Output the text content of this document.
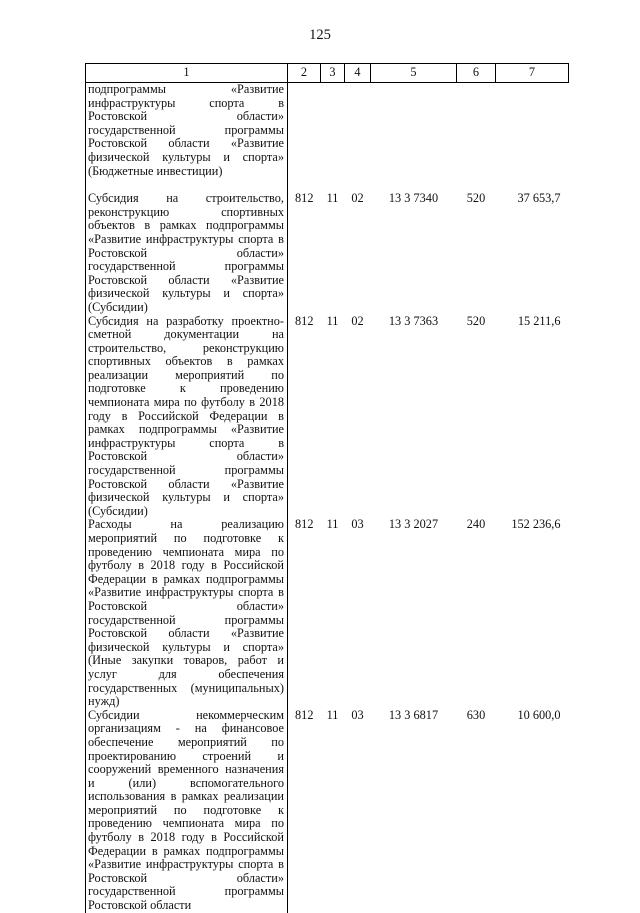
125
1	2	3	4	5	6	7
подпрограммы «Развитие инфраструктуры спорта в Ростовской области» государственной программы Ростовской области «Развитие физической культуры и спорта» (Бюджетные инвестиции)						
Субсидия на строительство, реконструкцию спортивных объектов в рамках подпрограммы «Развитие инфраструктуры спорта в Ростовской области» государственной программы Ростовской области «Развитие физической культуры и спорта» (Субсидии)	812	11	02	13 3 7340	520	37 653,7
Субсидия на разработку проектно-сметной документации на строительство, реконструкцию спортивных объектов в рамках реализации мероприятий по подготовке к проведению чемпионата мира по футболу в 2018 году в Российской Федерации в рамках подпрограммы «Развитие инфраструктуры спорта в Ростовской области» государственной программы Ростовской области «Развитие физической культуры и спорта» (Субсидии)	812	11	02	13 3 7363	520	15 211,6
Расходы на реализацию мероприятий по подготовке к проведению чемпионата мира по футболу в 2018 году в Российской Федерации в рамках подпрограммы «Развитие инфраструктуры спорта в Ростовской области» государственной программы Ростовской области «Развитие физической культуры и спорта» (Иные закупки товаров, работ и услуг для обеспечения государственных (муниципальных) нужд)	812	11	03	13 3 2027	240	152 236,6
Субсидии некоммерческим организациям - на финансовое обеспечение мероприятий по проектированию строений и сооружений временного назначения и (или) вспомогательного использования в рамках реализации мероприятий по подготовке к проведению чемпионата мира по футболу в 2018 году в Российской Федерации в рамках подпрограммы «Развитие инфраструктуры спорта в Ростовской области» государственной программы Ростовской области	812	11	03	13 3 6817	630	10 600,0
